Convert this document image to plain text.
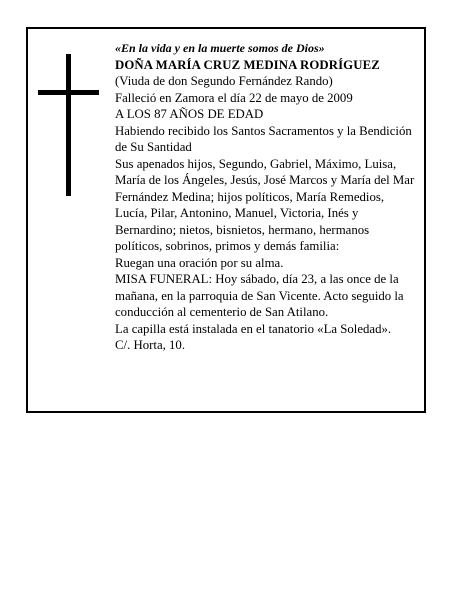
«En la vida y en la muerte somos de Dios»

DOÑA MARÍA CRUZ MEDINA RODRÍGUEZ

(Viuda de don Segundo Fernández Rando)

Falleció en Zamora el día 22 de mayo de 2009

A LOS 87 AÑOS DE EDAD

Habiendo recibido los Santos Sacramentos y la Bendición de Su Santidad

Sus apenados hijos, Segundo, Gabriel, Máximo, Luisa, María de los Ángeles, Jesús, José Marcos y María del Mar Fernández Medina; hijos políticos, María Remedios, Lucía, Pilar, Antonino, Manuel, Victoria, Inés y Bernardino; nietos, bisnietos, hermano, hermanos políticos, sobrinos, primos y demás familia:

Ruegan una oración por su alma.

MISA FUNERAL: Hoy sábado, día 23, a las once de la mañana, en la parroquia de San Vicente. Acto seguido la conducción al cementerio de San Atilano.

La capilla está instalada en el tanatorio «La Soledad».

C/. Horta, 10.
